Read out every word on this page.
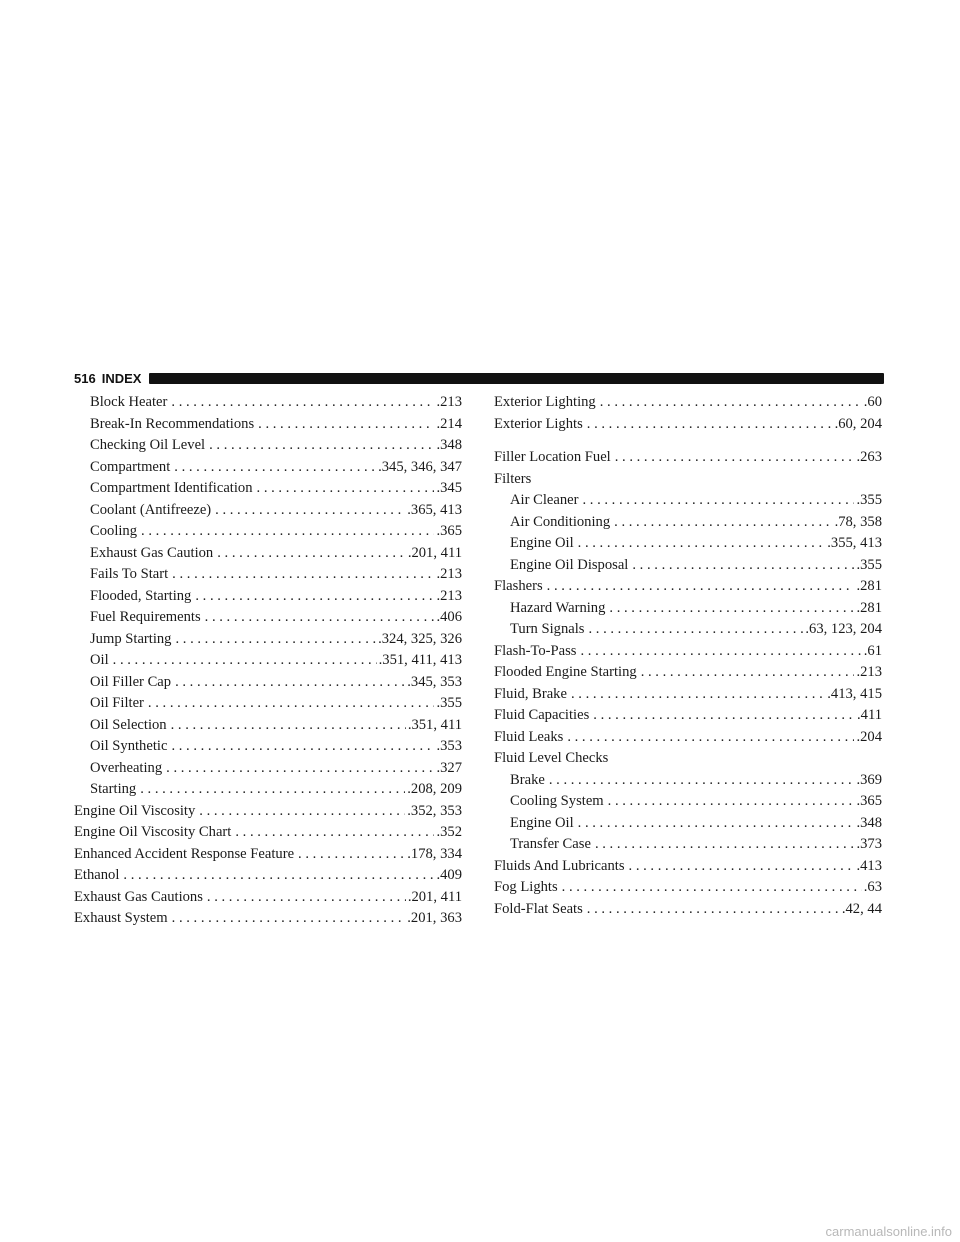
516 INDEX
Block Heater . . .	.213
Break-In Recommendations . . .	.214
Checking Oil Level . . .	.348
Compartment . . .	.345, 346, 347
Compartment Identification . . .	.345
Coolant (Antifreeze) . . .	.365, 413
Cooling . . .	.365
Exhaust Gas Caution . . .	.201, 411
Fails To Start . . .	.213
Flooded, Starting . . .	.213
Fuel Requirements . . .	.406
Jump Starting . . .	.324, 325, 326
Oil . . .	.351, 411, 413
Oil Filler Cap . . .	.345, 353
Oil Filter . . .	.355
Oil Selection . . .	.351, 411
Oil Synthetic . . .	.353
Overheating . . .	.327
Starting . . .	.208, 209
Engine Oil Viscosity . . .	.352, 353
Engine Oil Viscosity Chart . . .	.352
Enhanced Accident Response Feature . . .	.178, 334
Ethanol . . .	.409
Exhaust Gas Cautions . . .	.201, 411
Exhaust System . . .	.201, 363
Exterior Lighting . . .	.60
Exterior Lights . . .	.60, 204
Filler Location Fuel . . .	.263
Filters
Air Cleaner . . .	.355
Air Conditioning . . .	.78, 358
Engine Oil . . .	.355, 413
Engine Oil Disposal . . .	.355
Flashers . . .	.281
Hazard Warning . . .	.281
Turn Signals . . .	.63, 123, 204
Flash-To-Pass . . .	.61
Flooded Engine Starting . . .	.213
Fluid, Brake . . .	.413, 415
Fluid Capacities . . .	.411
Fluid Leaks . . .	.204
Fluid Level Checks
Brake . . .	.369
Cooling System . . .	.365
Engine Oil . . .	.348
Transfer Case . . .	.373
Fluids And Lubricants . . .	.413
Fog Lights . . .	.63
Fold-Flat Seats . . .	.42, 44
carmanualsonline.info
